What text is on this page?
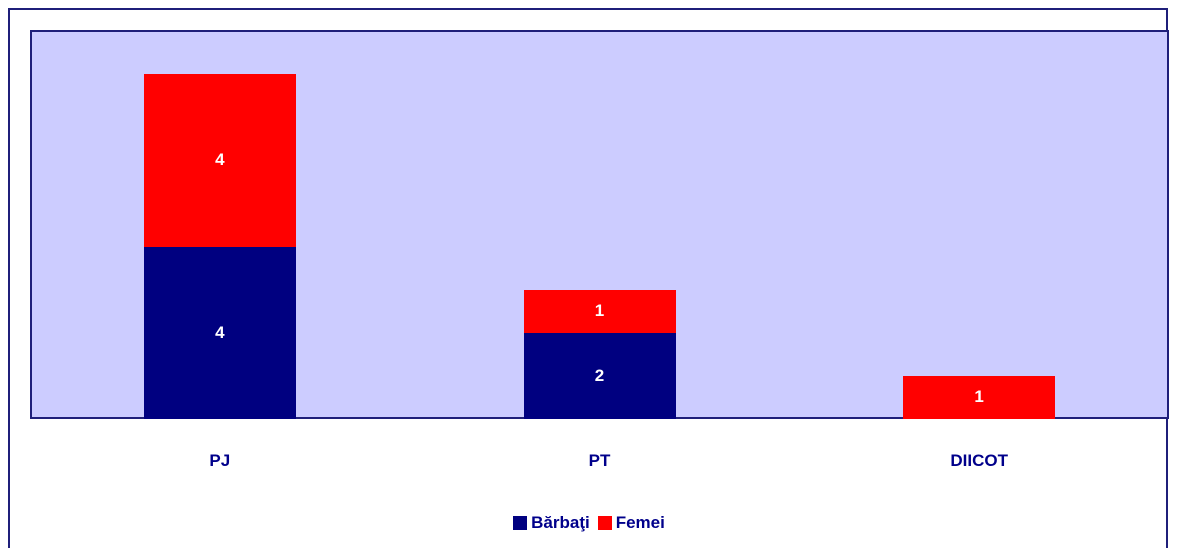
4
4
2
1
1
PJ	PT	DIICOT
Bărbaţi Femei
